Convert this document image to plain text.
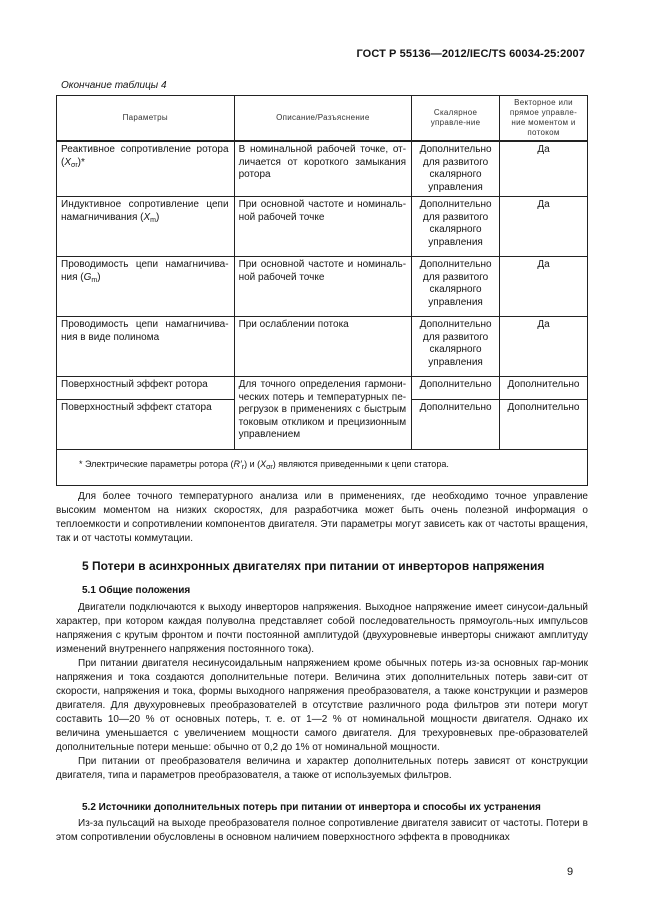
ГОСТ Р 55136—2012/IEC/TS 60034-25:2007
Окончание таблицы 4
Параметры	Описание/Разъяснение	Скалярное управле-ние	Векторное или прямое управле-ние моментом и потоком
Реактивное сопротивление ротора $(X_{\sigma r})*$	В номинальной рабочей точке, от-личается от короткого замыкания ротора	Дополнительно для развитого скалярного управления	Да
Индуктивное сопротивление цепи намагничивания $(X_m)$	При основной частоте и номиналь-ной рабочей точке	Дополнительно для развитого скалярного управления	Да
Проводимость цепи намагничива-ния $(G_m)$	При основной частоте и номиналь-ной рабочей точке	Дополнительно для развитого скалярного управления	Да
Проводимость цепи намагничива-ния в виде полинома	При ослаблении потока	Дополнительно для развитого скалярного управления	Да
Поверхностный эффект ротора	Для точного определения гармони-ческих потерь и температурных пе-регрузок в применениях с быстрым токовым откликом и прецизионным управлением	Дополнительно	Дополнительно
Поверхностный эффект статора		Дополнительно	Дополнительно
* Электрические параметры ротора $(R'_r)$ и $(X_{\sigma r})$ являются приведенными к цепи статора.			

Для более точного температурного анализа или в применениях, где необходимо точное управление высоким моментом на низких скоростях, для разработчика может быть очень полезной информация о теплоемкости и сопротивлении компонентов двигателя. Эти параметры могут зависеть как от частоты вращения, так и от частоты коммутации.

5 Потери в асинхронных двигателях при питании от инверторов напряжения
5.1 Общие положения

Двигатели подключаются к выходу инверторов напряжения. Выходное напряжение имеет синусои-дальный характер, при котором каждая полуволна представляет собой последовательность прямоуголь-ных импульсов напряжения с крутым фронтом и почти постоянной амплитудой (двухуровневые инверторы снижают амплитуду изменений внутреннего напряжения постоянного тока).

При питании двигателя несинусоидальным напряжением кроме обычных потерь из-за основных гар-моник напряжения и тока создаются дополнительные потери. Величина этих дополнительных потерь зави-сит от скорости, напряжения и тока, формы выходного напряжения преобразователя, а также конструкции и размеров двигателя. Для двухуровневых преобразователей в отсутствие различного рода фильтров эти потери могут составить 10—20 % от основных потерь, т. е. от 1—2 % от номинальной мощности двигателя. Однако их величина уменьшается с увеличением мощности самого двигателя. Для трехуровневых пре-образователей дополнительные потери меньше: обычно от 0,2 до 1% от номинальной мощности.

При питании от преобразователя величина и характер дополнительных потерь зависят от конструкции двигателя, типа и параметров преобразователя, а также от используемых фильтров.

5.2 Источники дополнительных потерь при питании от инвертора и способы их устранения

Из-за пульсаций на выходе преобразователя полное сопротивление двигателя зависит от частоты. Потери в этом сопротивлении обусловлены в основном наличием поверхностного эффекта в проводниках

9
